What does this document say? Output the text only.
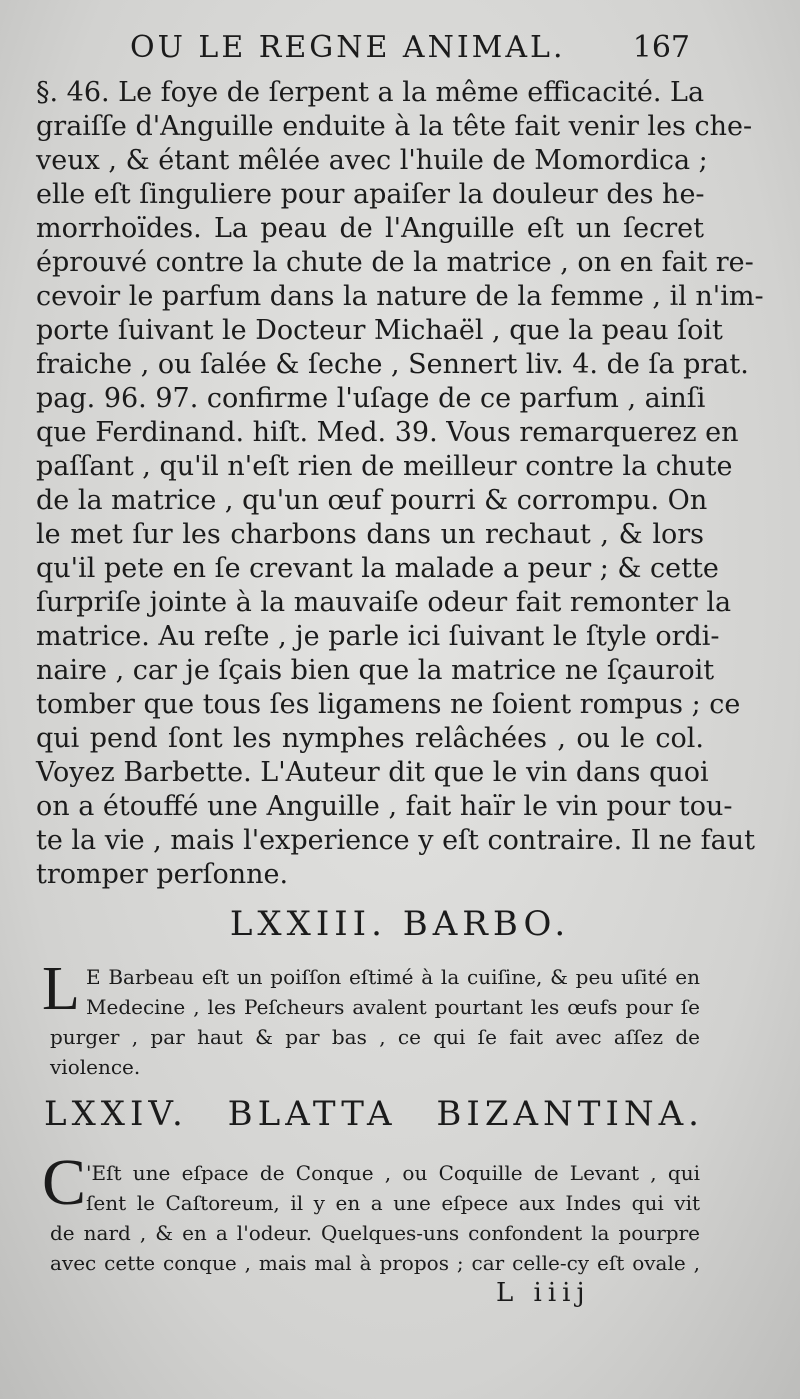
OU LE REGNE ANIMAL. 167
§. 46. Le foye de ſerpent a la même efficacité. La
graiſſe d'Anguille enduite à la tête fait venir les che-
veux , & étant mêlée avec l'huile de Momordica ;
elle eſt ſinguliere pour apaiſer la douleur des he-
morrhoïdes. La peau de l'Anguille eſt un ſecret
éprouvé contre la chute de la matrice , on en fait re-
cevoir le parfum dans la nature de la femme , il n'im-
porte ſuivant le Docteur Michaël , que la peau ſoit
fraiche , ou ſalée & ſeche , Sennert liv. 4. de ſa prat.
pag. 96. 97. confirme l'uſage de ce parfum , ainſi
que Ferdinand. hiſt. Med. 39. Vous remarquerez en
paſſant , qu'il n'eſt rien de meilleur contre la chute
de la matrice , qu'un œuf pourri & corrompu. On
le met ſur les charbons dans un rechaut , & lors
qu'il pete en ſe crevant la malade a peur ; & cette
ſurpriſe jointe à la mauvaiſe odeur fait remonter la
matrice. Au reſte , je parle ici ſuivant le ſtyle ordi-
naire , car je ſçais bien que la matrice ne ſçauroit
tomber que tous ſes ligamens ne ſoient rompus ; ce
qui pend ſont les nymphes relâchées , ou le col.
Voyez Barbette. L'Auteur dit que le vin dans quoi
on a étouffé une Anguille , fait haïr le vin pour tou-
te la vie , mais l'experience y eſt contraire. Il ne faut
tromper perſonne.
LXXIII. BARBO.
L E Barbeau eſt un poiſſon eſtimé à la cuiſine, & peu uſité en
Medecine , les Peſcheurs avalent pourtant les œufs pour ſe
purger , par haut & par bas , ce qui ſe fait avec aſſez de
violence.
LXXIV. BLATTA BIZANTINA.
C 'Eſt une eſpace de Conque , ou Coquille de Levant , qui
ſent le Caſtoreum, il y en a une eſpece aux Indes qui vit
de nard , & en a l'odeur. Quelques-uns confondent la pourpre
avec cette conque , mais mal à propos ; car celle-cy eſt ovale ,
L iiij
